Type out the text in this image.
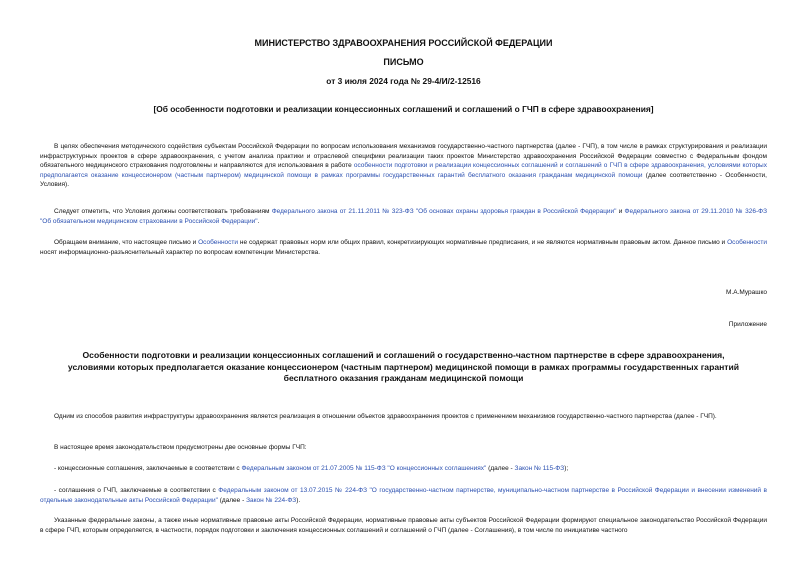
МИНИСТЕРСТВО ЗДРАВООХРАНЕНИЯ РОССИЙСКОЙ ФЕДЕРАЦИИ
ПИСЬМО
от 3 июля 2024 года № 29-4/И/2-12516
[Об особенности подготовки и реализации концессионных соглашений и соглашений о ГЧП в сфере здравоохранения]
В целях обеспечения методического содействия субъектам Российской Федерации по вопросам использования механизмов государственно-частного партнерства (далее - ГЧП), в том числе в рамках структурирования и реализации инфраструктурных проектов в сфере здравоохранения, с учетом анализа практики и отраслевой специфики реализации таких проектов Министерство здравоохранения Российской Федерации совместно с Федеральным фондом обязательного медицинского страхования подготовлены и направляются для использования в работе особенности подготовки и реализации концессионных соглашений и соглашений о ГЧП в сфере здравоохранения, условиями которых предполагается оказание концессионером (частным партнером) медицинской помощи в рамках программы государственных гарантий бесплатного оказания гражданам медицинской помощи (далее соответственно - Особенности, Условия).
Следует отметить, что Условия должны соответствовать требованиям Федерального закона от 21.11.2011 № 323-ФЗ "Об основах охраны здоровья граждан в Российской Федерации" и Федерального закона от 29.11.2010 № 326-ФЗ "Об обязательном медицинском страховании в Российской Федерации".
Обращаем внимание, что настоящее письмо и Особенности не содержат правовых норм или общих правил, конкретизирующих нормативные предписания, и не являются нормативным правовым актом. Данное письмо и Особенности носят информационно-разъяснительный характер по вопросам компетенции Министерства.
М.А.Мурашко
Приложение
Особенности подготовки и реализации концессионных соглашений и соглашений о государственно-частном партнерстве в сфере здравоохранения, условиями которых предполагается оказание концессионером (частным партнером) медицинской помощи в рамках программы государственных гарантий бесплатного оказания гражданам медицинской помощи
Одним из способов развития инфраструктуры здравоохранения является реализация в отношении объектов здравоохранения проектов с применением механизмов государственно-частного партнерства (далее - ГЧП).
В настоящее время законодательством предусмотрены две основные формы ГЧП:
- концессионные соглашения, заключаемые в соответствии с Федеральным законом от 21.07.2005 № 115-ФЗ "О концессионных соглашениях" (далее - Закон № 115-ФЗ);
- соглашения о ГЧП, заключаемые в соответствии с Федеральным законом от 13.07.2015 № 224-ФЗ "О государственно-частном партнерстве, муниципально-частном партнерстве в Российской Федерации и внесении изменений в отдельные законодательные акты Российской Федерации" (далее - Закон № 224-ФЗ).
Указанные федеральные законы, а также иные нормативные правовые акты Российской Федерации, нормативные правовые акты субъектов Российской Федерации формируют специальное законодательство Российской Федерации в сфере ГЧП, которым определяется, в частности, порядок подготовки и заключения концессионных соглашений и соглашений о ГЧП (далее - Соглашения), в том числе по инициативе частного
